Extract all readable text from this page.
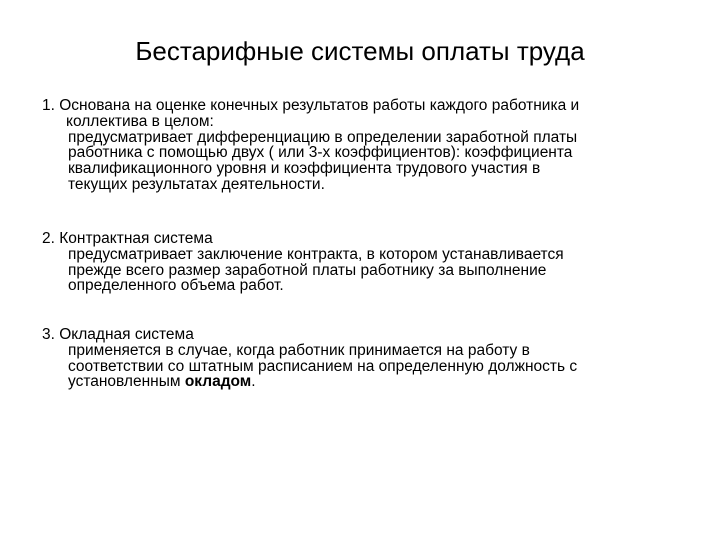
Бестарифные системы оплаты труда
1. Основана на оценке конечных результатов работы каждого работника и
коллектива в целом:
предусматривает дифференциацию в определении заработной платы
работника с помощью двух ( или 3-х коэффициентов): коэффициента
квалификационного уровня и коэффициента трудового участия в
текущих результатах деятельности.
2. Контрактная система
предусматривает заключение контракта, в котором устанавливается
прежде всего размер заработной платы работнику за выполнение
определенного объема работ.
3. Окладная система
применяется в случае, когда работник принимается на работу в
соответствии со штатным расписанием на определенную должность с
установленным окладом.
